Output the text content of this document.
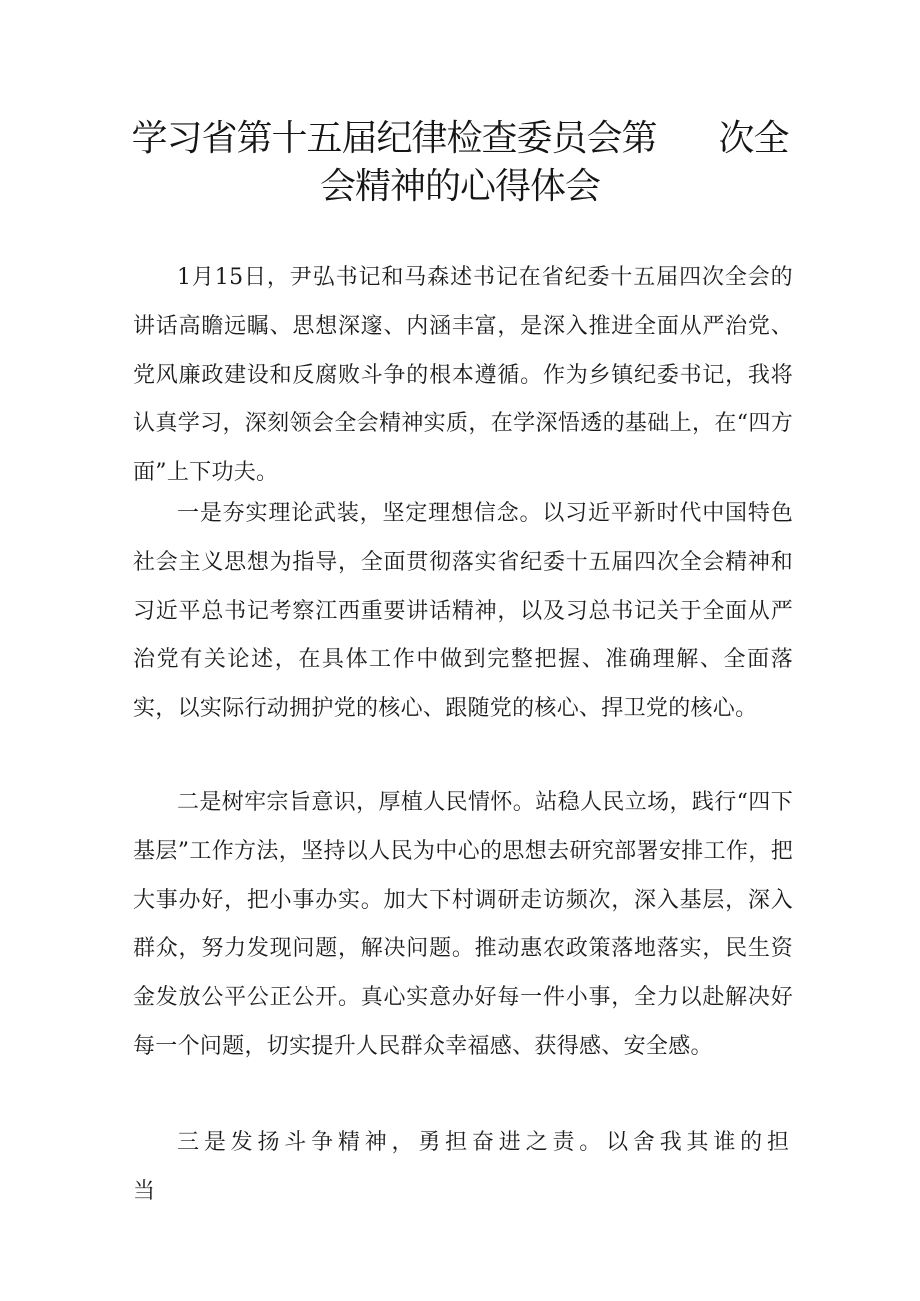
学习省第十五届纪律检查委员会第 次全
会精神的心得体会

1月15日，尹弘书记和马森述书记在省纪委十五届四次全会的讲话高瞻远瞩、思想深邃、内涵丰富，是深入推进全面从严治党、党风廉政建设和反腐败斗争的根本遵循。作为乡镇纪委书记，我将认真学习，深刻领会全会精神实质，在学深悟透的基础上，在“四方面”上下功夫。

一是夯实理论武装，坚定理想信念。以习近平新时代中国特色社会主义思想为指导，全面贯彻落实省纪委十五届四次全会精神和习近平总书记考察江西重要讲话精神，以及习总书记关于全面从严治党有关论述，在具体工作中做到完整把握、准确理解、全面落实，以实际行动拥护党的核心、跟随党的核心、捍卫党的核心。

二是树牢宗旨意识，厚植人民情怀。站稳人民立场，践行“四下基层”工作方法，坚持以人民为中心的思想去研究部署安排工作，把大事办好，把小事办实。加大下村调研走访频次，深入基层，深入群众，努力发现问题，解决问题。推动惠农政策落地落实，民生资金发放公平公正公开。真心实意办好每一件小事，全力以赴解决好每一个问题，切实提升人民群众幸福感、获得感、安全感。

三是发扬斗争精神，勇担奋进之责。以舍我其谁的担当
